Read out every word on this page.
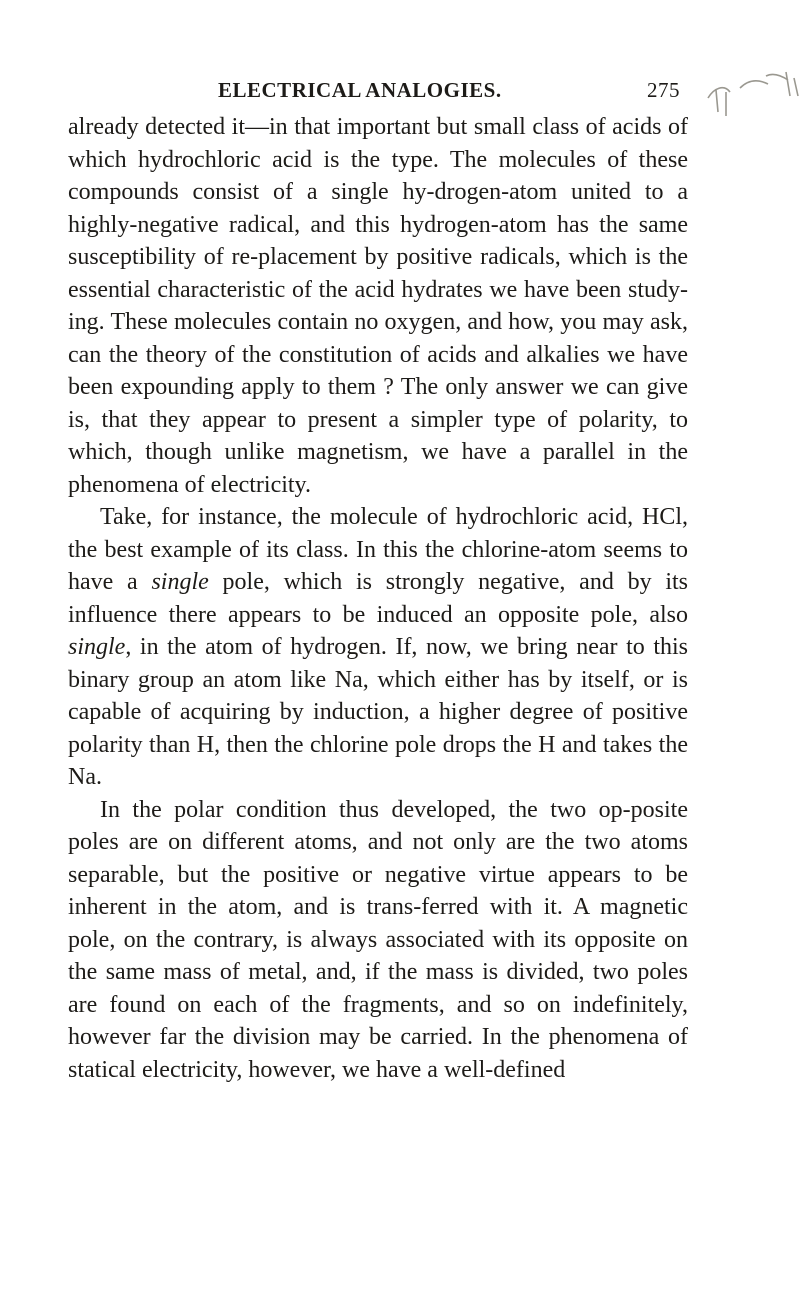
ELECTRICAL ANALOGIES.	275

already detected it—in that important but small class of acids of which hydrochloric acid is the type. The molecules of these compounds consist of a single hy-drogen-atom united to a highly-negative radical, and this hydrogen-atom has the same susceptibility of re-placement by positive radicals, which is the essential characteristic of the acid hydrates we have been study-ing. These molecules contain no oxygen, and how, you may ask, can the theory of the constitution of acids and alkalies we have been expounding apply to them ? The only answer we can give is, that they appear to present a simpler type of polarity, to which, though unlike magnetism, we have a parallel in the phenomena of electricity.

Take, for instance, the molecule of hydrochloric acid, HCl, the best example of its class. In this the chlorine-atom seems to have a single pole, which is strongly negative, and by its influence there appears to be induced an opposite pole, also single, in the atom of hydrogen. If, now, we bring near to this binary group an atom like Na, which either has by itself, or is capable of acquiring by induction, a higher degree of positive polarity than H, then the chlorine pole drops the H and takes the Na.

In the polar condition thus developed, the two op-posite poles are on different atoms, and not only are the two atoms separable, but the positive or negative virtue appears to be inherent in the atom, and is trans-ferred with it. A magnetic pole, on the contrary, is always associated with its opposite on the same mass of metal, and, if the mass is divided, two poles are found on each of the fragments, and so on indefinitely, however far the division may be carried. In the phenomena of statical electricity, however, we have a well-defined
